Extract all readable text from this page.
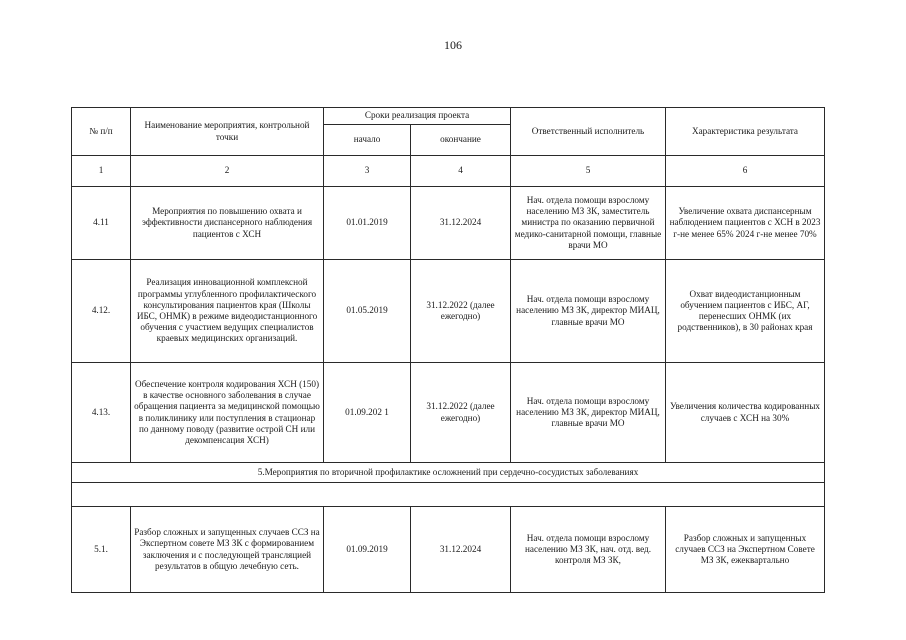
106
№ п/п	Наименование мероприятия, контрольной точки	Сроки реализация проекта		Ответственный исполнитель	Характеристика результата
		начало	окончание		
1	2	3	4	5	6
4.11	Мероприятия по повышению охвата и эффективности диспансерного наблюдения пациентов с ХСН	01.01.2019	31.12.2024	Нач. отдела помощи взрослому населению МЗ ЗК, заместитель министра по оказанию первичной медико-санитарной помощи, главные врачи МО	Увеличение охвата диспансерным наблюдением пациентов с ХСН в 2023 г-не менее 65% 2024 г-не менее 70%
4.12.	Реализация инновационной комплексной программы углубленного профилактического консультирования пациентов края (Школы ИБС, ОНМК) в режиме видеодистанционного обучения с участием ведущих специалистов краевых медицинских организаций.	01.05.2019	31.12.2022 (далее ежегодно)	Нач. отдела помощи взрослому населению МЗ ЗК, директор МИАЦ, главные врачи МО	Охват видеодистанционным обучением пациентов с ИБС, АГ, перенесших ОНМК (их родственников), в 30 районах края
4.13.	Обеспечение контроля кодирования ХСН (150) в качестве основного заболевания в случае обращения пациента за медицинской помощью в поликлинику или поступления в стационар по данному поводу (развитие острой СН или декомпенсация ХСН)	01.09.202 1	31.12.2022 (далее ежегодно)	Нач. отдела помощи взрослому населению МЗ ЗК, директор МИАЦ, главные врачи МО	Увеличения количества кодированных случаев с ХСН на 30%
5.Мероприятия по вторичной профилактике осложнений при сердечно-сосудистых заболеваниях					

5.1.	Разбор сложных и запущенных случаев ССЗ на Экспертном совете МЗ ЗК с формированием заключения и с последующей трансляцией результатов в общую лечебную сеть.	01.09.2019	31.12.2024	Нач. отдела помощи взрослому населению МЗ ЗК, нач. отд. вед. контроля МЗ ЗК,	Разбор сложных и запущенных случаев ССЗ на Экспертном Совете МЗ ЗК, ежеквартально
